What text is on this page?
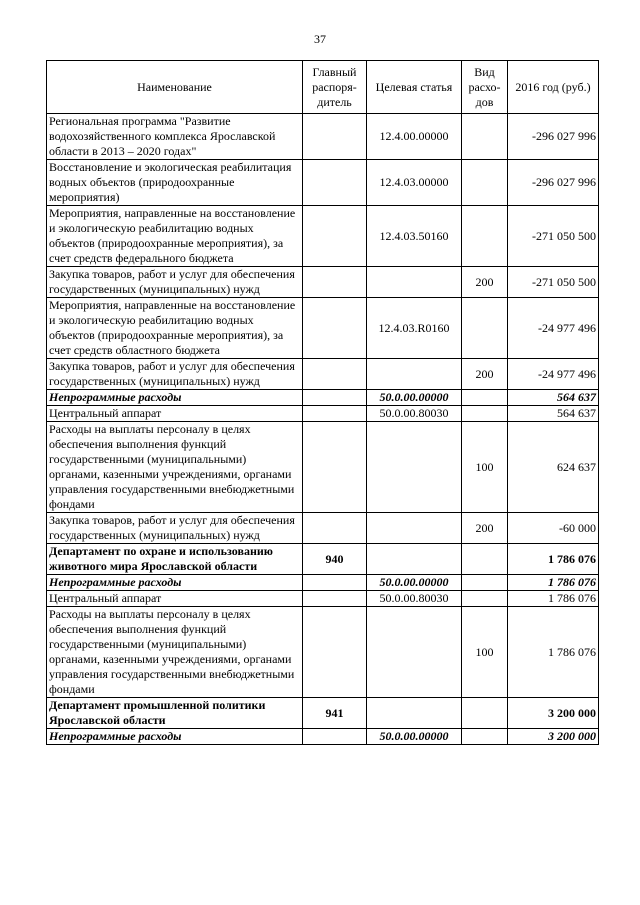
37
Наименование	Главный распоря-дитель	Целевая статья	Вид расхо-дов	2016 год (руб.)
Региональная программа "Развитие водохозяйственного комплекса Ярославской области в 2013 – 2020 годах"		12.4.00.00000		-296 027 996
Восстановление и экологическая реабилитация водных объектов (природоохранные мероприятия)		12.4.03.00000		-296 027 996
Мероприятия, направленные на восстановление и экологическую реабилитацию водных объектов (природоохранные мероприятия), за счет средств федерального бюджета		12.4.03.50160		-271 050 500
Закупка товаров, работ и услуг для обеспечения государственных (муниципальных) нужд			200	-271 050 500
Мероприятия, направленные на восстановление и экологическую реабилитацию водных объектов (природоохранные мероприятия), за счет средств областного бюджета		12.4.03.R0160		-24 977 496
Закупка товаров, работ и услуг для обеспечения государственных (муниципальных) нужд			200	-24 977 496
Непрограммные расходы		50.0.00.00000		564 637
Центральный аппарат		50.0.00.80030		564 637
Расходы на выплаты персоналу в целях обеспечения выполнения функций государственными (муниципальными) органами, казенными учреждениями, органами управления государственными внебюджетными фондами			100	624 637
Закупка товаров, работ и услуг для обеспечения государственных (муниципальных) нужд			200	-60 000
Департамент по охране и использованию животного мира Ярославской области	940			1 786 076
Непрограммные расходы		50.0.00.00000		1 786 076
Центральный аппарат		50.0.00.80030		1 786 076
Расходы на выплаты персоналу в целях обеспечения выполнения функций государственными (муниципальными) органами, казенными учреждениями, органами управления государственными внебюджетными фондами			100	1 786 076
Департамент промышленной политики Ярославской области	941			3 200 000
Непрограммные расходы		50.0.00.00000		3 200 000
